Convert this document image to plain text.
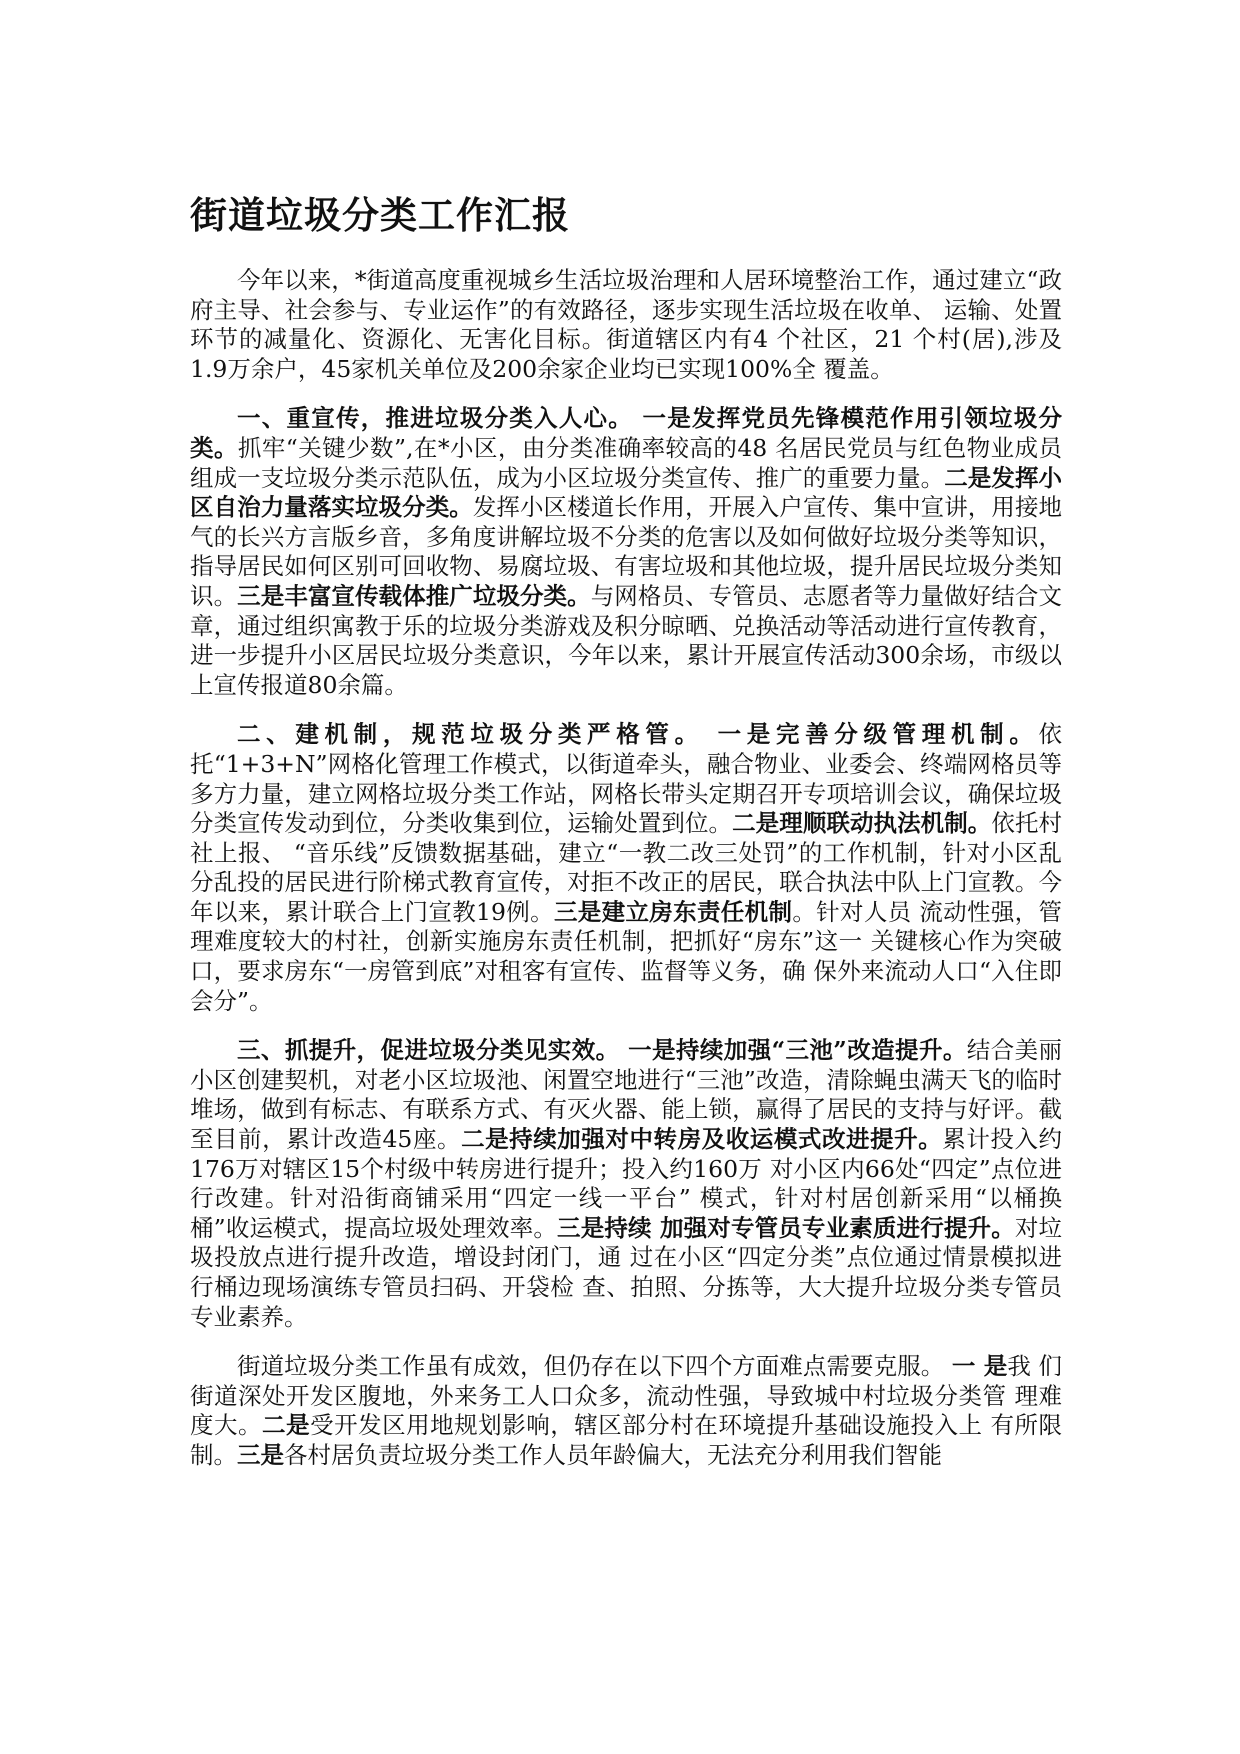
街道垃圾分类工作汇报

今年以来，*街道高度重视城乡生活垃圾治理和人居环境整治工作，通过建立“政府主导、社会参与、专业运作”的有效路径，逐步实现生活垃圾在收单、 运输、处置环节的减量化、资源化、无害化目标。街道辖区内有4 个社区，21 个村(居),涉及1.9万余户，45家机关单位及200余家企业均已实现100%全 覆盖。

一、重宣传，推进垃圾分类入人心。 一是发挥党员先锋模范作用引领垃圾分类。抓牢“关键少数”,在*小区，由分类准确率较高的48 名居民党员与红色物业成员组成一支垃圾分类示范队伍，成为小区垃圾分类宣传、推广的重要力量。二是发挥小区自治力量落实垃圾分类。发挥小区楼道长作用，开展入户宣传、集中宣讲，用接地气的长兴方言版乡音，多角度讲解垃圾不分类的危害以及如何做好垃圾分类等知识，指导居民如何区别可回收物、易腐垃圾、有害垃圾和其他垃圾，提升居民垃圾分类知识。三是丰富宣传载体推广垃圾分类。与网格员、专管员、志愿者等力量做好结合文章，通过组织寓教于乐的垃圾分类游戏及积分晾晒、兑换活动等活动进行宣传教育，进一步提升小区居民垃圾分类意识，今年以来，累计开展宣传活动300余场，市级以上宣传报道80余篇。

二、建机制，规范垃圾分类严格管。 一是完善分级管理机制。依托“1+3+N”网格化管理工作模式，以街道牵头，融合物业、业委会、终端网格员等多方力量，建立网格垃圾分类工作站，网格长带头定期召开专项培训会议，确保垃圾分类宣传发动到位，分类收集到位，运输处置到位。二是理顺联动执法机制。依托村社上报、 “音乐线”反馈数据基础，建立“一教二改三处罚”的工作机制，针对小区乱分乱投的居民进行阶梯式教育宣传，对拒不改正的居民，联合执法中队上门宣教。今年以来，累计联合上门宣教19例。三是建立房东责任机制。针对人员 流动性强，管理难度较大的村社，创新实施房东责任机制，把抓好“房东”这一 关键核心作为突破口，要求房东“一房管到底”对租客有宣传、监督等义务，确 保外来流动人口“入住即会分”。

三、抓提升，促进垃圾分类见实效。 一是持续加强“三池”改造提升。结合美丽小区创建契机，对老小区垃圾池、闲置空地进行“三池”改造，清除蝇虫满天飞的临时堆场，做到有标志、有联系方式、有灭火器、能上锁，赢得了居民的支持与好评。截至目前，累计改造45座。二是持续加强对中转房及收运模式改进提升。累计投入约176万对辖区15个村级中转房进行提升；投入约160万 对小区内66处“四定”点位进行改建。针对沿街商铺采用“四定一线一平台” 模式，针对村居创新采用“以桶换桶”收运模式，提高垃圾处理效率。三是持续 加强对专管员专业素质进行提升。对垃圾投放点进行提升改造，增设封闭门，通 过在小区“四定分类”点位通过情景模拟进行桶边现场演练专管员扫码、开袋检 查、拍照、分拣等，大大提升垃圾分类专管员专业素养。

街道垃圾分类工作虽有成效，但仍存在以下四个方面难点需要克服。 一 是我 们街道深处开发区腹地，外来务工人口众多，流动性强，导致城中村垃圾分类管 理难度大。二是受开发区用地规划影响，辖区部分村在环境提升基础设施投入上 有所限制。三是各村居负责垃圾分类工作人员年龄偏大，无法充分利用我们智能
